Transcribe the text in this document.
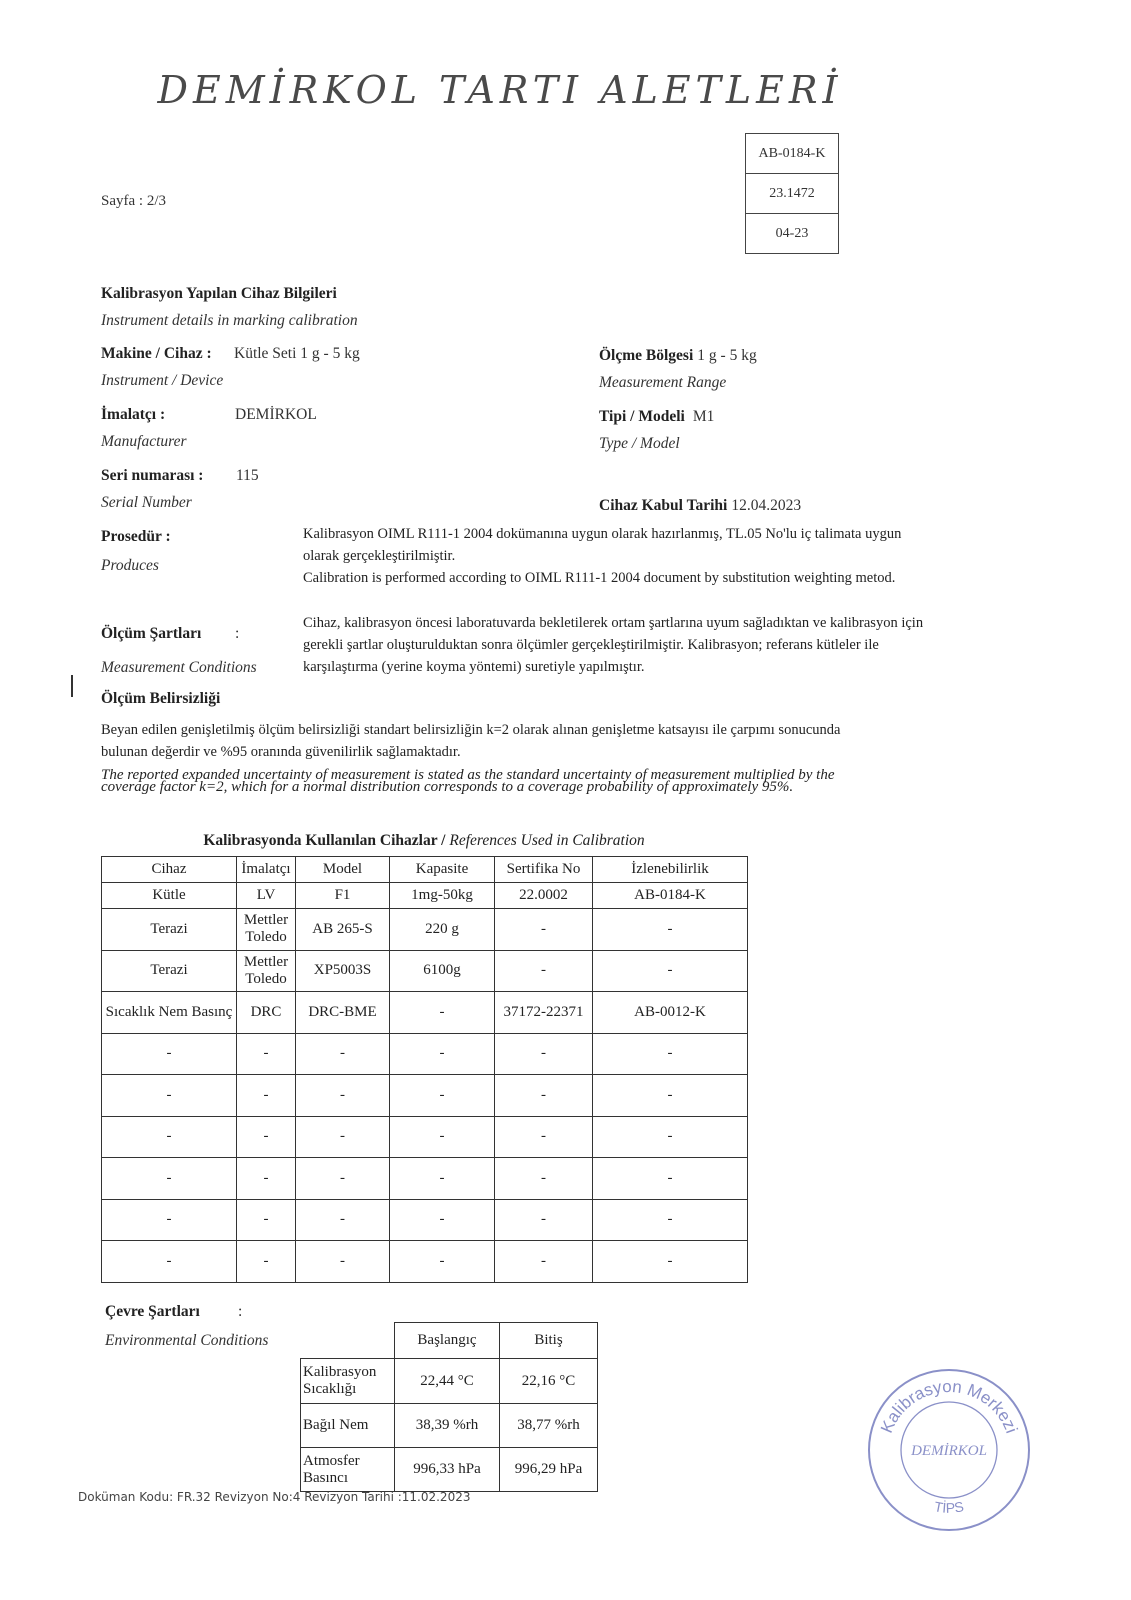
DEMİRKOL TARTI ALETLERİ
AB-0184-K
23.1472
04-23
Sayfa : 2/3
Kalibrasyon Yapılan Cihaz Bilgileri
Instrument details in marking calibration
Makine / Cihaz : Kütle Seti 1 g - 5 kg
Instrument / Device
Ölçme Bölgesi 1 g - 5 kg
Measurement Range
İmalatçı :	DEMİRKOL
Manufacturer
Tipi / Modeli M1
Type / Model
Seri numarası : 115
Serial Number	Cihaz Kabul Tarihi 12.04.2023
Prosedür :
Produces
Kalibrasyon OIML R111-1 2004 dokümanına uygun olarak hazırlanmış, TL.05 No'lu iç talimata uygun
olarak gerçekleştirilmiştir.
Calibration is performed according to OIML R111-1 2004 document by substitution weighting metod.
Ölçüm Şartları :
Measurement Conditions
Cihaz, kalibrasyon öncesi laboratuvarda bekletilerek ortam şartlarına uyum sağladıktan ve kalibrasyon için
gerekli şartlar oluşturulduktan sonra ölçümler gerçekleştirilmiştir. Kalibrasyon; referans kütleler ile
karşılaştırma (yerine koyma yöntemi) suretiyle yapılmıştır.
Ölçüm Belirsizliği
Beyan edilen genişletilmiş ölçüm belirsizliği standart belirsizliğin k=2 olarak alınan genişletme katsayısı ile çarpımı sonucunda
bulunan değerdir ve %95 oranında güvenilirlik sağlamaktadır.
The reported expanded uncertainty of measurement is stated as the standard uncertainty of measurement multiplied by the
coverage factor k=2, which for a normal distribution corresponds to a coverage probability of approximately 95%.
Kalibrasyonda Kullanılan Cihazlar / References Used in Calibration
Cihaz	İmalatçı	Model	Kapasite	Sertifika No	İzlenebilirlik
Kütle	LV	F1	1mg-50kg	22.0002	AB-0184-K
Terazi	Mettler Toledo	AB 265-S	220 g	-	-
Terazi	Mettler Toledo	XP5003S	6100g	-	-
Sıcaklık Nem Basınç	DRC	DRC-BME	-	37172-22371	AB-0012-K
-	-	-	-	-	-
-	-	-	-	-	-
-	-	-	-	-	-
-	-	-	-	-	-
-	-	-	-	-	-
-	-	-	-	-	-
Çevre Şartları :
Environmental Conditions
		Başlangıç	Bitiş
Kalibrasyon Sıcaklığı	22,44 °C	22,16 °C
Bağıl Nem	38,39 %rh	38,77 %rh
Atmosfer Basıncı	996,33 hPa	996,29 hPa
Kalibrasyon Merkezi
DEMİRKOL
TİPS
Doküman Kodu: FR.32 Revizyon No:4 Revizyon Tarihi :11.02.2023
